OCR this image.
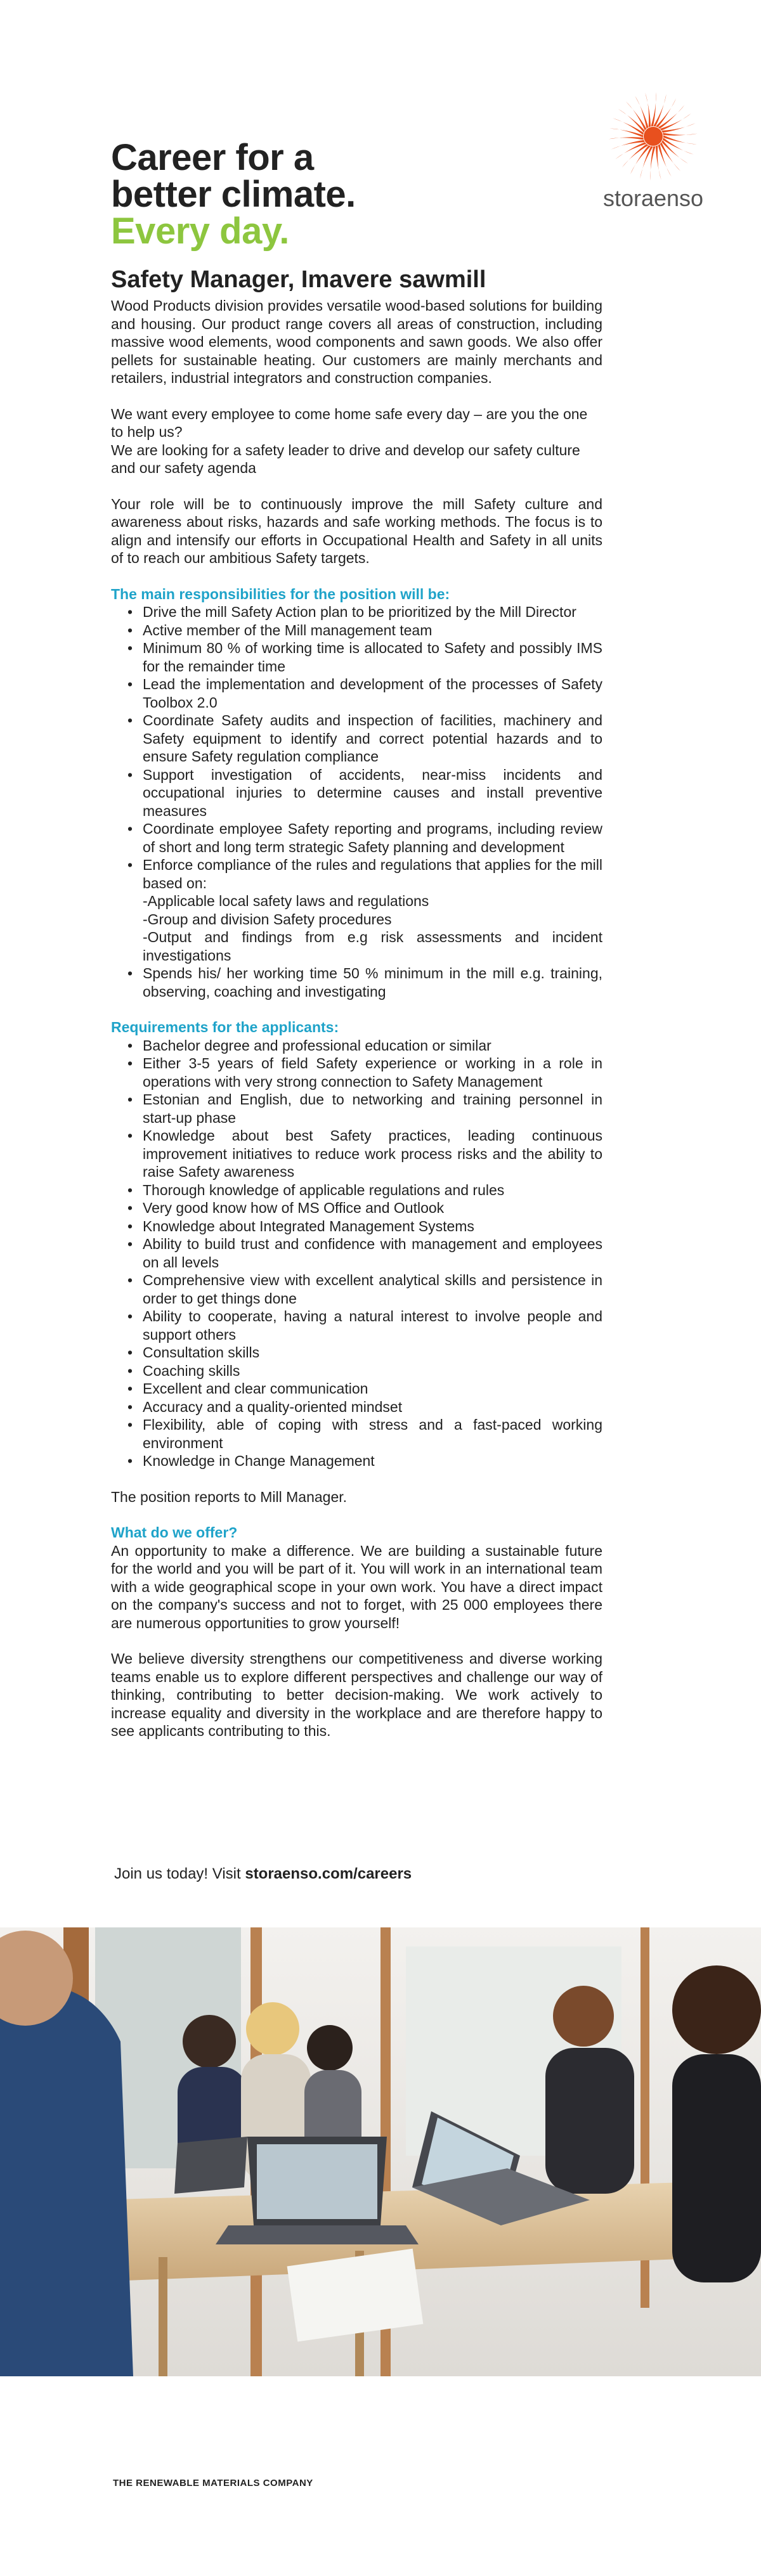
storaenso
Career for a
better climate.
Every day.
Safety Manager, Imavere sawmill

Wood Products division provides versatile wood-based solutions for building and housing. Our product range covers all areas of construction, including massive wood elements, wood components and sawn goods. We also offer pellets for sustainable heating. Our customers are mainly merchants and retailers, industrial integrators and construction companies.

We want every employee to come home safe every day – are you the one to help us?

We are looking for a safety leader to drive and develop our safety culture and our safety agenda

Your role will be to continuously improve the mill Safety culture and awareness about risks, hazards and safe working methods. The focus is to align and intensify our efforts in Occupational Health and Safety in all units of to reach our ambitious Safety targets.

The main responsibilities for the position will be:

• Drive the mill Safety Action plan to be prioritized by the Mill Director
• Active member of the Mill management team
• Minimum 80 % of working time is allocated to Safety and possibly IMS for the remainder time
• Lead the implementation and development of the processes of Safety Toolbox 2.0
• Coordinate Safety audits and inspection of facilities, machinery and Safety equipment to identify and correct potential hazards and to ensure Safety regulation compliance
• Support investigation of accidents, near-miss incidents and occupational injuries to determine causes and install preventive measures
• Coordinate employee Safety reporting and programs, including review of short and long term strategic Safety planning and development
• Enforce compliance of the rules and regulations that applies for the mill based on:
-Applicable local safety laws and regulations
-Group and division Safety procedures
-Output and findings from e.g risk assessments and incident investigations
• Spends his/ her working time 50 % minimum in the mill e.g. training, observing, coaching and investigating

Requirements for the applicants:

• Bachelor degree and professional education or similar
• Either 3-5 years of field Safety experience or working in a role in operations with very strong connection to Safety Management
• Estonian and English, due to networking and training personnel in start-up phase
• Knowledge about best Safety practices, leading continuous improvement initiatives to reduce work process risks and the ability to raise Safety awareness
• Thorough knowledge of applicable regulations and rules
• Very good know how of MS Office and Outlook
• Knowledge about Integrated Management Systems
• Ability to build trust and confidence with management and employees on all levels
• Comprehensive view with excellent analytical skills and persistence in order to get things done
• Ability to cooperate, having a natural interest to involve people and support others
• Consultation skills
• Coaching skills
• Excellent and clear communication
• Accuracy and a quality-oriented mindset
• Flexibility, able of coping with stress and a fast-paced working environment
• Knowledge in Change Management

The position reports to Mill Manager.

What do we offer?

An opportunity to make a difference. We are building a sustainable future for the world and you will be part of it. You will work in an international team with a wide geographical scope in your own work. You have a direct impact on the company's success and not to forget, with 25 000 employees there are numerous opportunities to grow yourself!

We believe diversity strengthens our competitiveness and diverse working teams enable us to explore different perspectives and challenge our way of thinking, contributing to better decision-making. We work actively to increase equality and diversity in the workplace and are therefore happy to see applicants contributing to this.

Join us today! Visit storaenso.com/careers
THE RENEWABLE MATERIALS COMPANY
